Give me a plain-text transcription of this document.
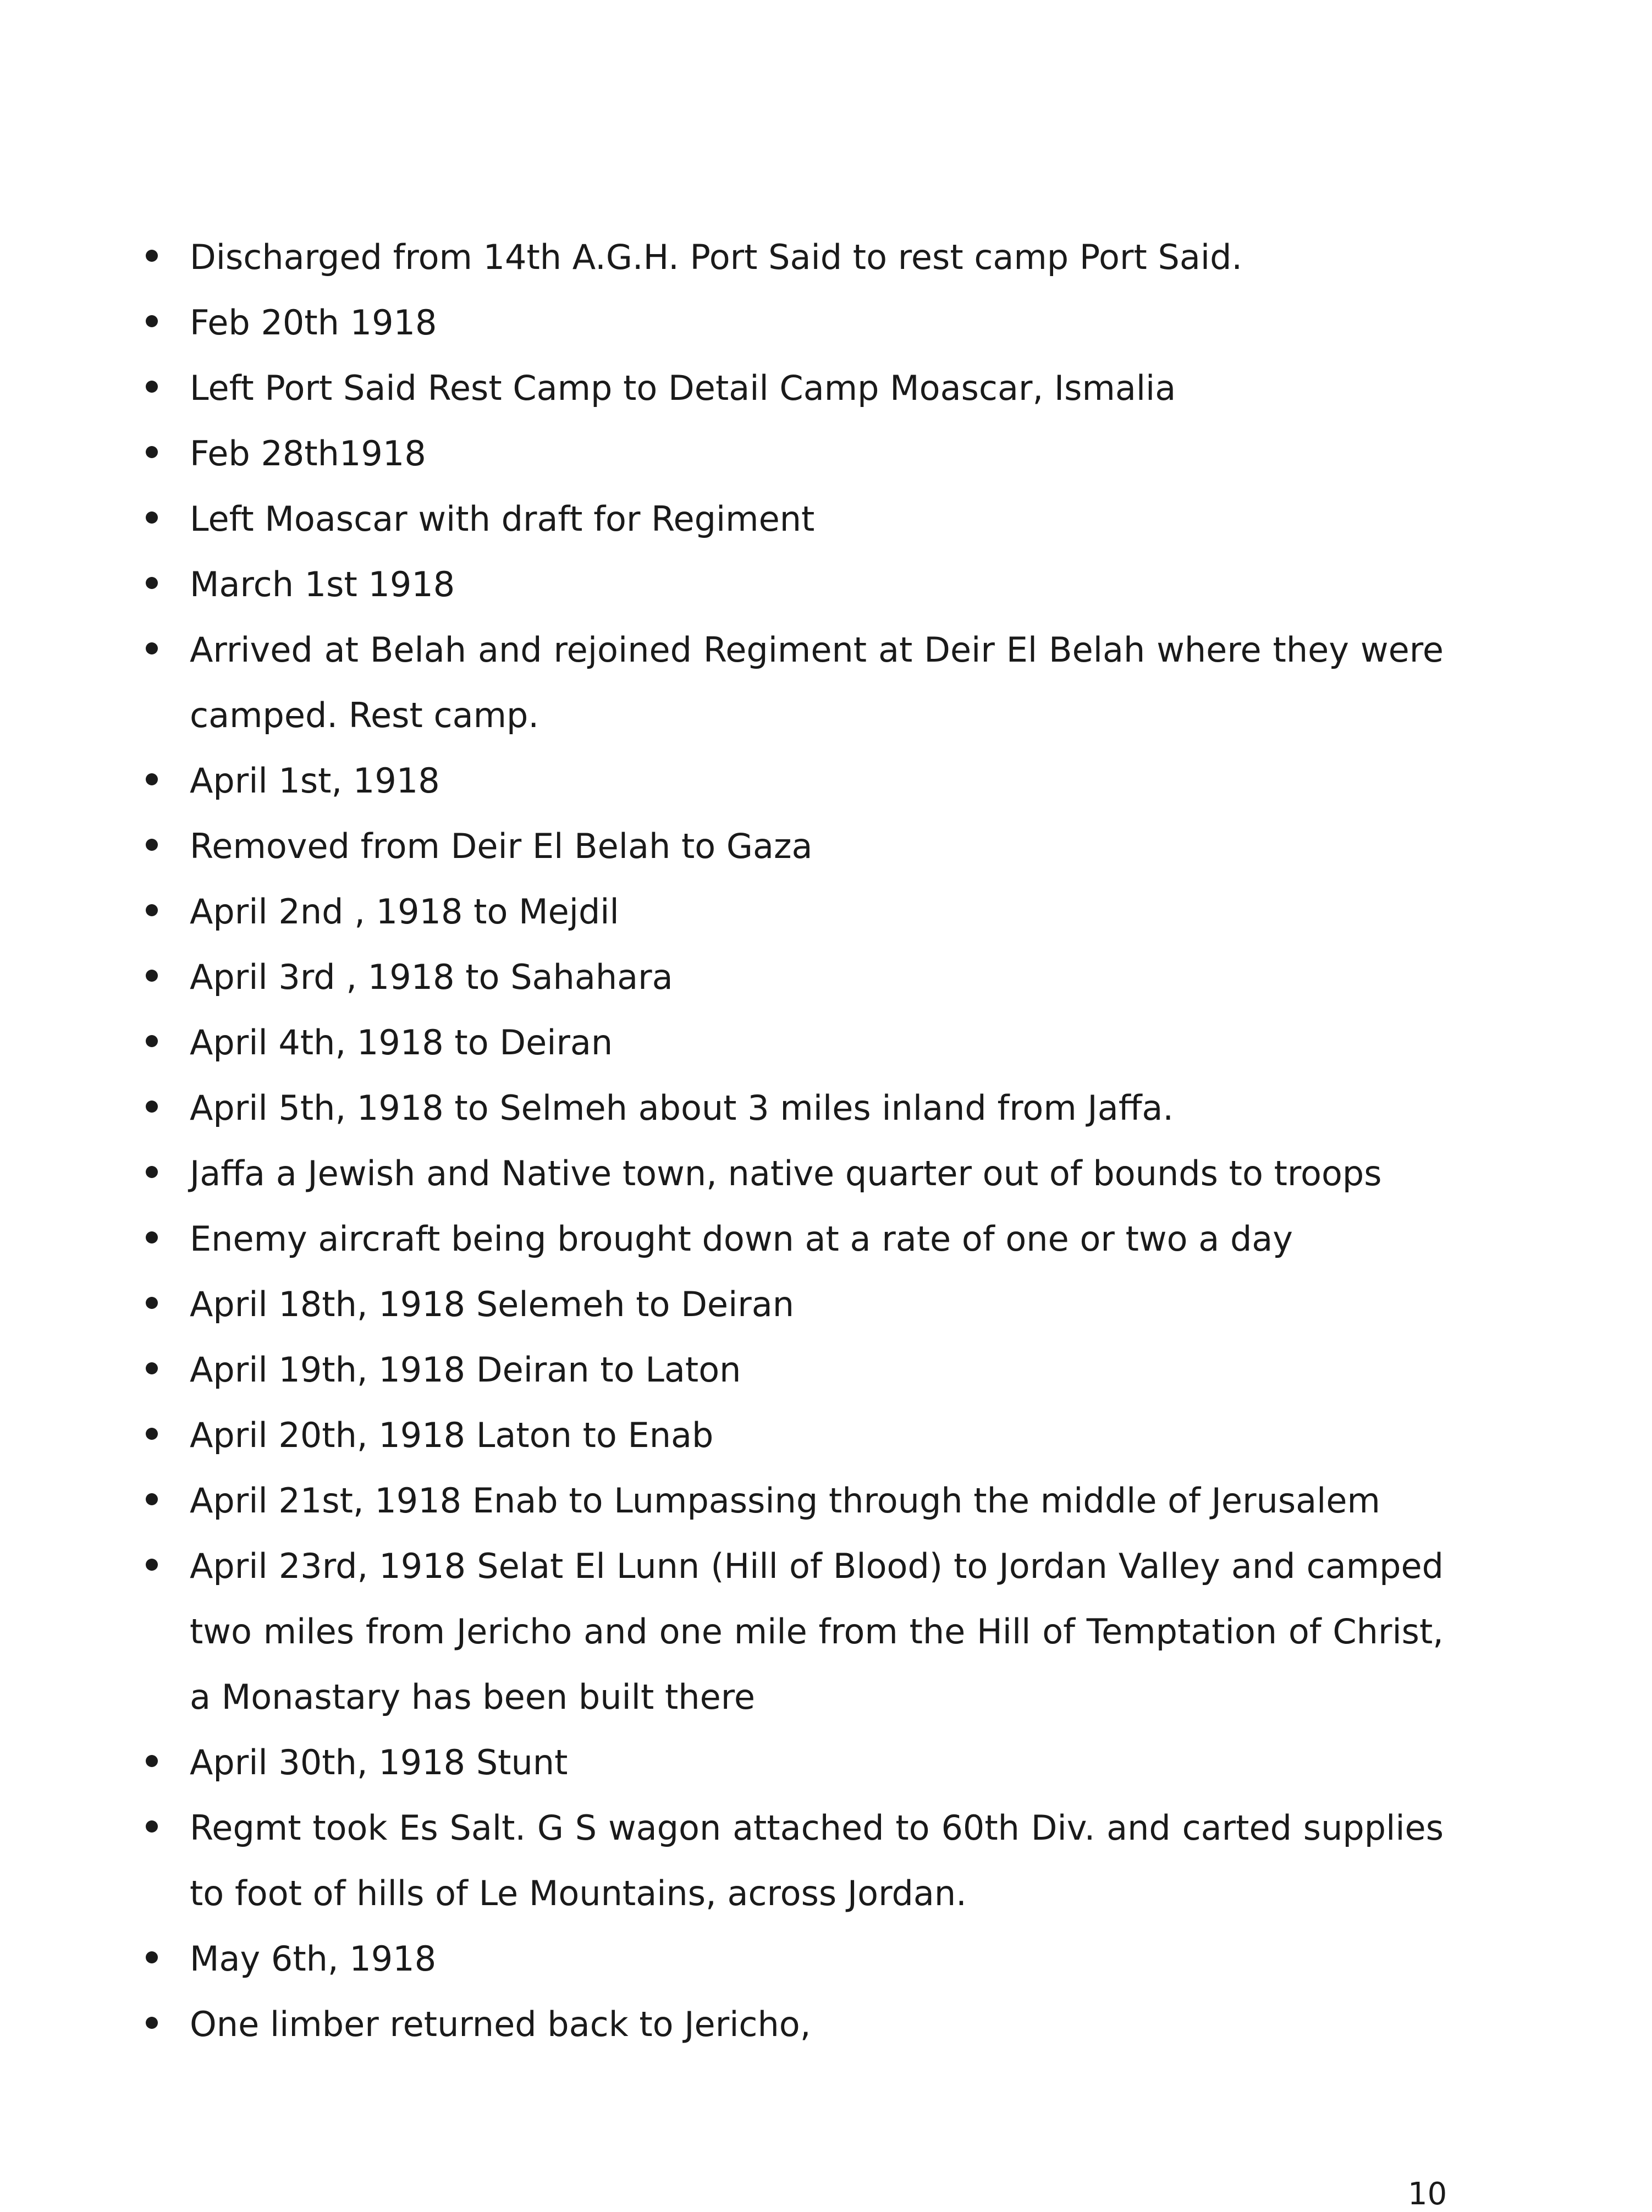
Discharged from 14th A.G.H. Port Said to rest camp Port Said.
Feb 20th 1918
Left Port Said Rest Camp to Detail Camp Moascar, Ismalia
Feb 28th1918
Left Moascar with draft for Regiment
March 1st 1918
Arrived at Belah and rejoined Regiment at Deir El Belah where they were camped. Rest camp.
April 1st, 1918
Removed from Deir El Belah to Gaza
April 2nd , 1918 to Mejdil
April 3rd , 1918 to Sahahara
April 4th, 1918 to Deiran
April 5th, 1918 to Selmeh about 3 miles inland from Jaffa.
Jaffa a Jewish and Native town, native quarter out of bounds to troops
Enemy aircraft being brought down at a rate of one or two a day
April 18th, 1918 Selemeh to Deiran
April 19th, 1918 Deiran to Laton
April 20th, 1918 Laton to Enab
April 21st, 1918 Enab to Lumpassing through the middle of Jerusalem
April 23rd, 1918 Selat El Lunn (Hill of Blood) to Jordan Valley and camped two miles from Jericho and one mile from the Hill of Temptation of Christ, a Monastary has been built there
April 30th, 1918 Stunt
Regmt took Es Salt. G S wagon attached to 60th Div. and carted supplies to foot of hills of Le Mountains, across Jordan.
May 6th, 1918
One limber returned back to Jericho,
10
